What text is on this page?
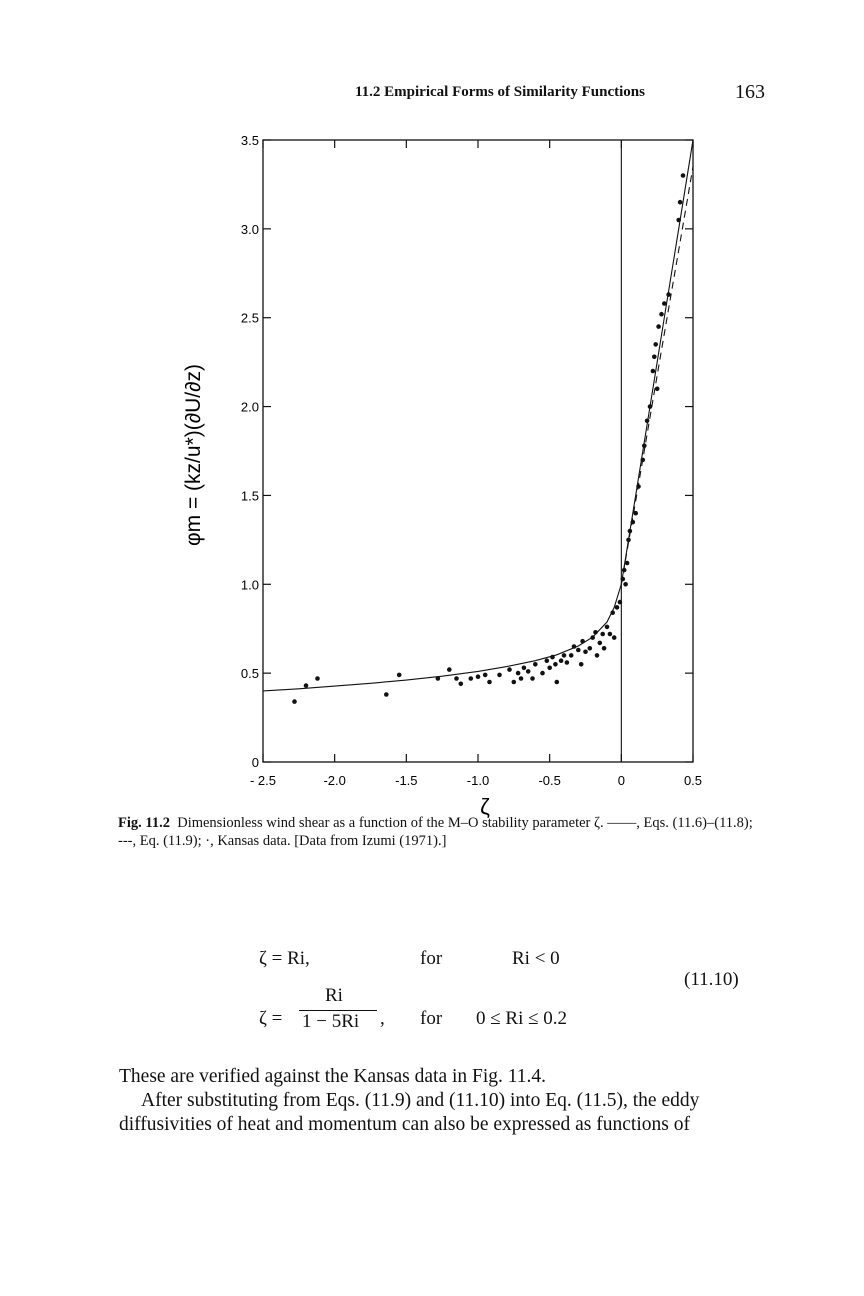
11.2 Empirical Forms of Similarity Functions	163
- 2.5	-2.0	-1.5	-1.0	-0.5	0	0.5
0
0.5
1.0
1.5
2.0
2.5
3.0
3.5
ζ
φm = (kz/u*)(∂U/∂z)
Fig. 11.2 Dimensionless wind shear as a function of the M–O stability parameter ζ. ——, Eqs. (11.6)–(11.8); ---, Eq. (11.9); ·, Kansas data. [Data from Izumi (1971).]
ζ = Ri,	for	Ri < 0
(11.10)
ζ =
Ri
1 − 5Ri , for 0 ≤ Ri ≤ 0.2

These are verified against the Kansas data in Fig. 11.4.

After substituting from Eqs. (11.9) and (11.10) into Eq. (11.5), the eddy diffusivities of heat and momentum can also be expressed as functions of
